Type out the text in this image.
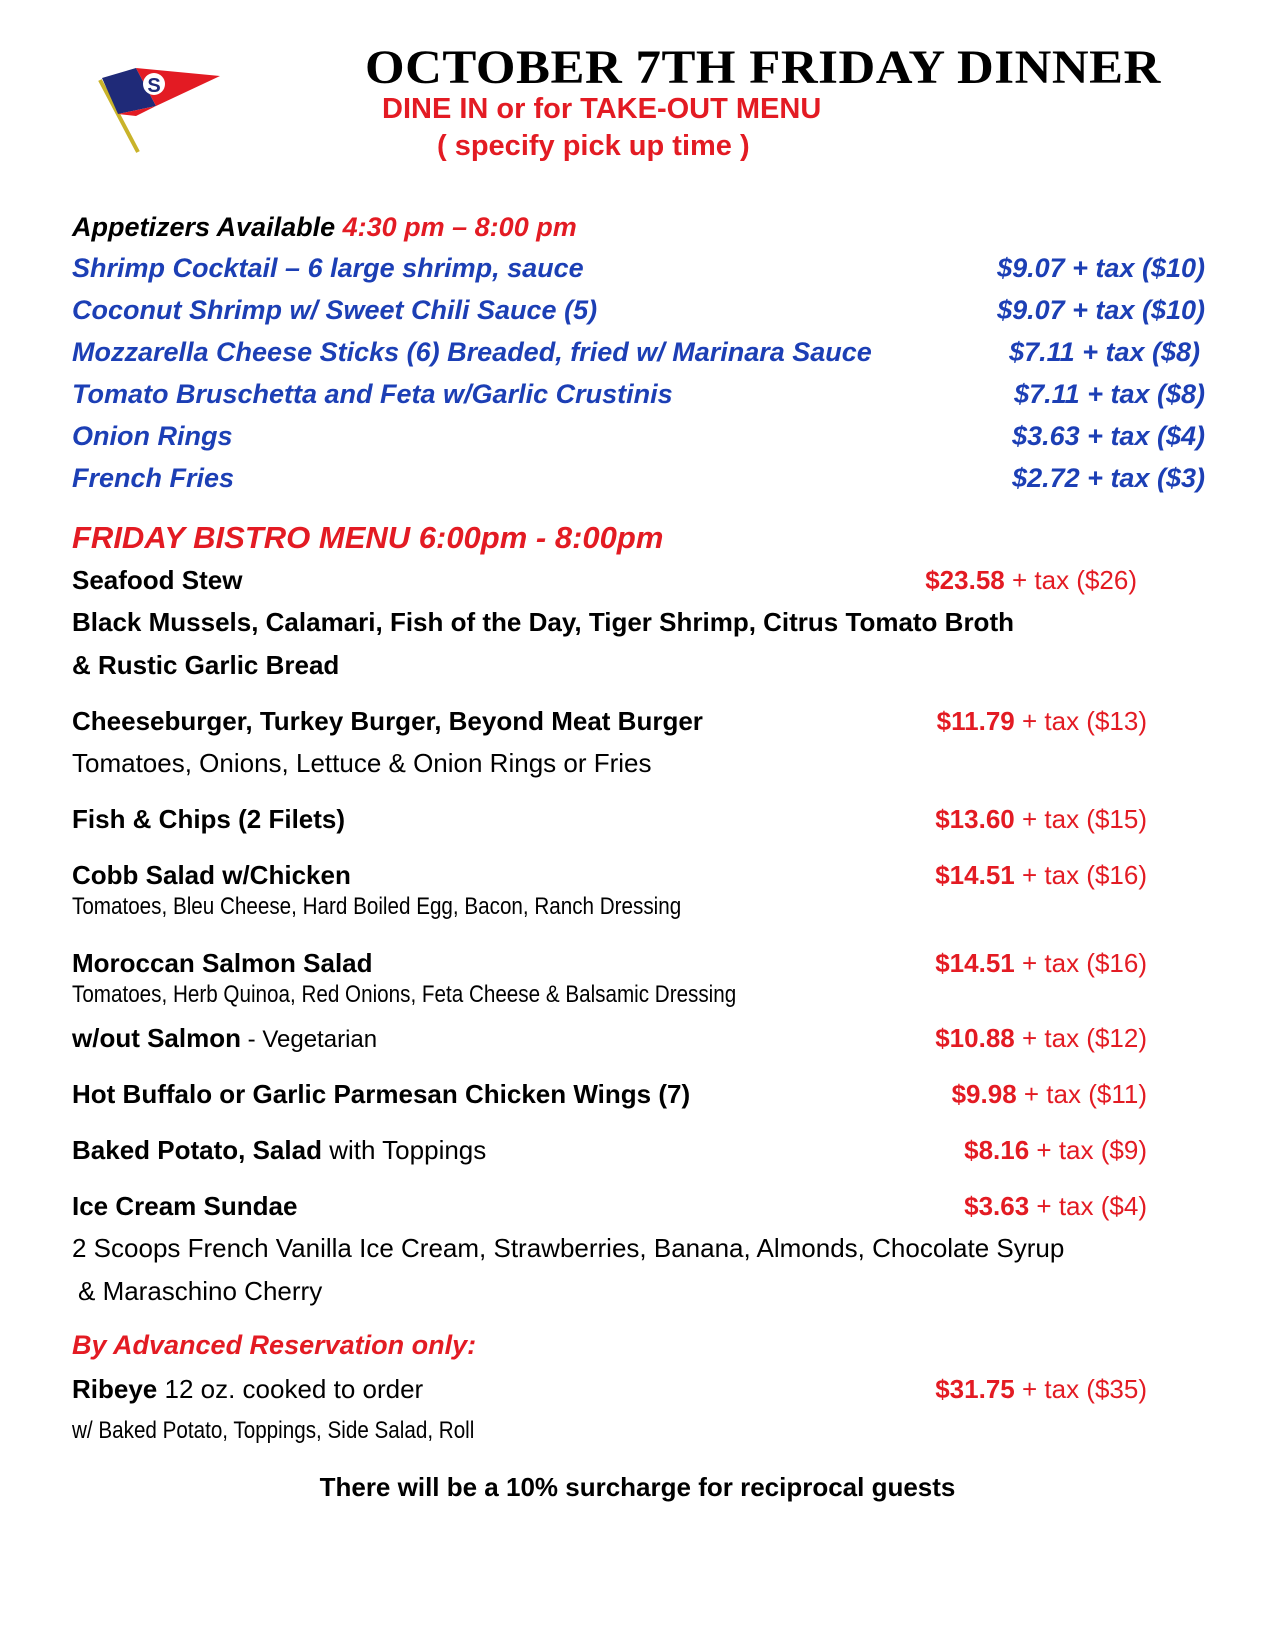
S	OCTOBER 7TH FRIDAY DINNER
DINE IN or for TAKE-OUT MENU
( specify pick up time )
Appetizers Available 4:30 pm – 8:00 pm
Shrimp Cocktail – 6 large shrimp, sauce	$9.07 + tax ($10)
Coconut Shrimp w/ Sweet Chili Sauce (5)	$9.07 + tax ($10)
Mozzarella Cheese Sticks (6) Breaded, fried w/ Marinara Sauce	$7.11 + tax ($8)
Tomato Bruschetta and Feta w/Garlic Crustinis	$7.11 + tax ($8)
Onion Rings	$3.63 + tax ($4)
French Fries	$2.72 + tax ($3)
FRIDAY BISTRO MENU 6:00pm - 8:00pm
Seafood Stew	$23.58 + tax ($26)
Black Mussels, Calamari, Fish of the Day, Tiger Shrimp, Citrus Tomato Broth
& Rustic Garlic Bread
Cheeseburger, Turkey Burger, Beyond Meat Burger	$11.79 + tax ($13)
Tomatoes, Onions, Lettuce & Onion Rings or Fries
Fish & Chips (2 Filets)	$13.60 + tax ($15)
Cobb Salad w/Chicken	$14.51 + tax ($16)
Tomatoes, Bleu Cheese, Hard Boiled Egg, Bacon, Ranch Dressing
Moroccan Salmon Salad	$14.51 + tax ($16)
Tomatoes, Herb Quinoa, Red Onions, Feta Cheese & Balsamic Dressing
w/out Salmon - Vegetarian	$10.88 + tax ($12)
Hot Buffalo or Garlic Parmesan Chicken Wings (7)	$9.98 + tax ($11)
Baked Potato, Salad with Toppings	$8.16 + tax ($9)
Ice Cream Sundae	$3.63 + tax ($4)
2 Scoops French Vanilla Ice Cream, Strawberries, Banana, Almonds, Chocolate Syrup
& Maraschino Cherry
By Advanced Reservation only:
Ribeye 12 oz. cooked to order	$31.75 + tax ($35)
w/ Baked Potato, Toppings, Side Salad, Roll
There will be a 10% surcharge for reciprocal guests
